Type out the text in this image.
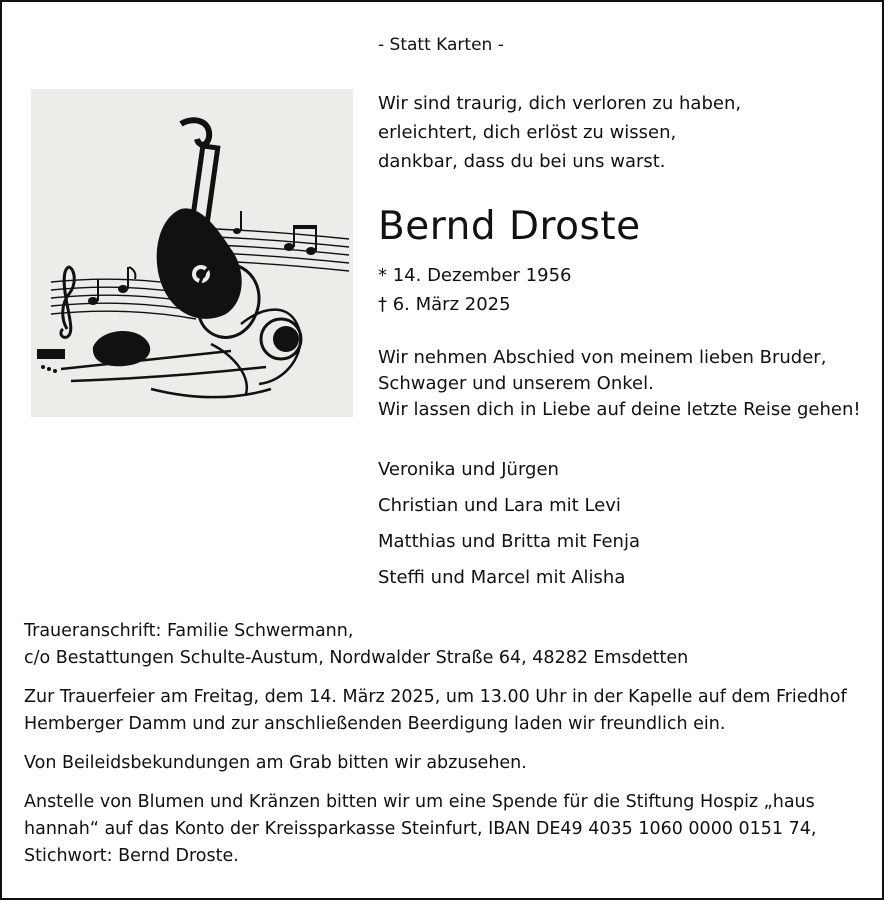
- Statt Karten -
Wir sind traurig, dich verloren zu haben,
erleichtert, dich erlöst zu wissen,
dankbar, dass du bei uns warst.
Bernd Droste
* 14. Dezember 1956
† 6. März 2025
Wir nehmen Abschied von meinem lieben Bruder,
Schwager und unserem Onkel.
Wir lassen dich in Liebe auf deine letzte Reise gehen!
Veronika und Jürgen
Christian und Lara mit Levi
Matthias und Britta mit Fenja
Steffi und Marcel mit Alisha

Traueranschrift: Familie Schwermann,
c/o Bestattungen Schulte-Austum, Nordwalder Straße 64, 48282 Emsdetten

Zur Trauerfeier am Freitag, dem 14. März 2025, um 13.00 Uhr in der Kapelle auf dem Friedhof
Hemberger Damm und zur anschließenden Beerdigung laden wir freundlich ein.

Von Beileidsbekundungen am Grab bitten wir abzusehen.

Anstelle von Blumen und Kränzen bitten wir um eine Spende für die Stiftung Hospiz „haus
hannah“ auf das Konto der Kreissparkasse Steinfurt, IBAN DE49 4035 1060 0000 0151 74,
Stichwort: Bernd Droste.
